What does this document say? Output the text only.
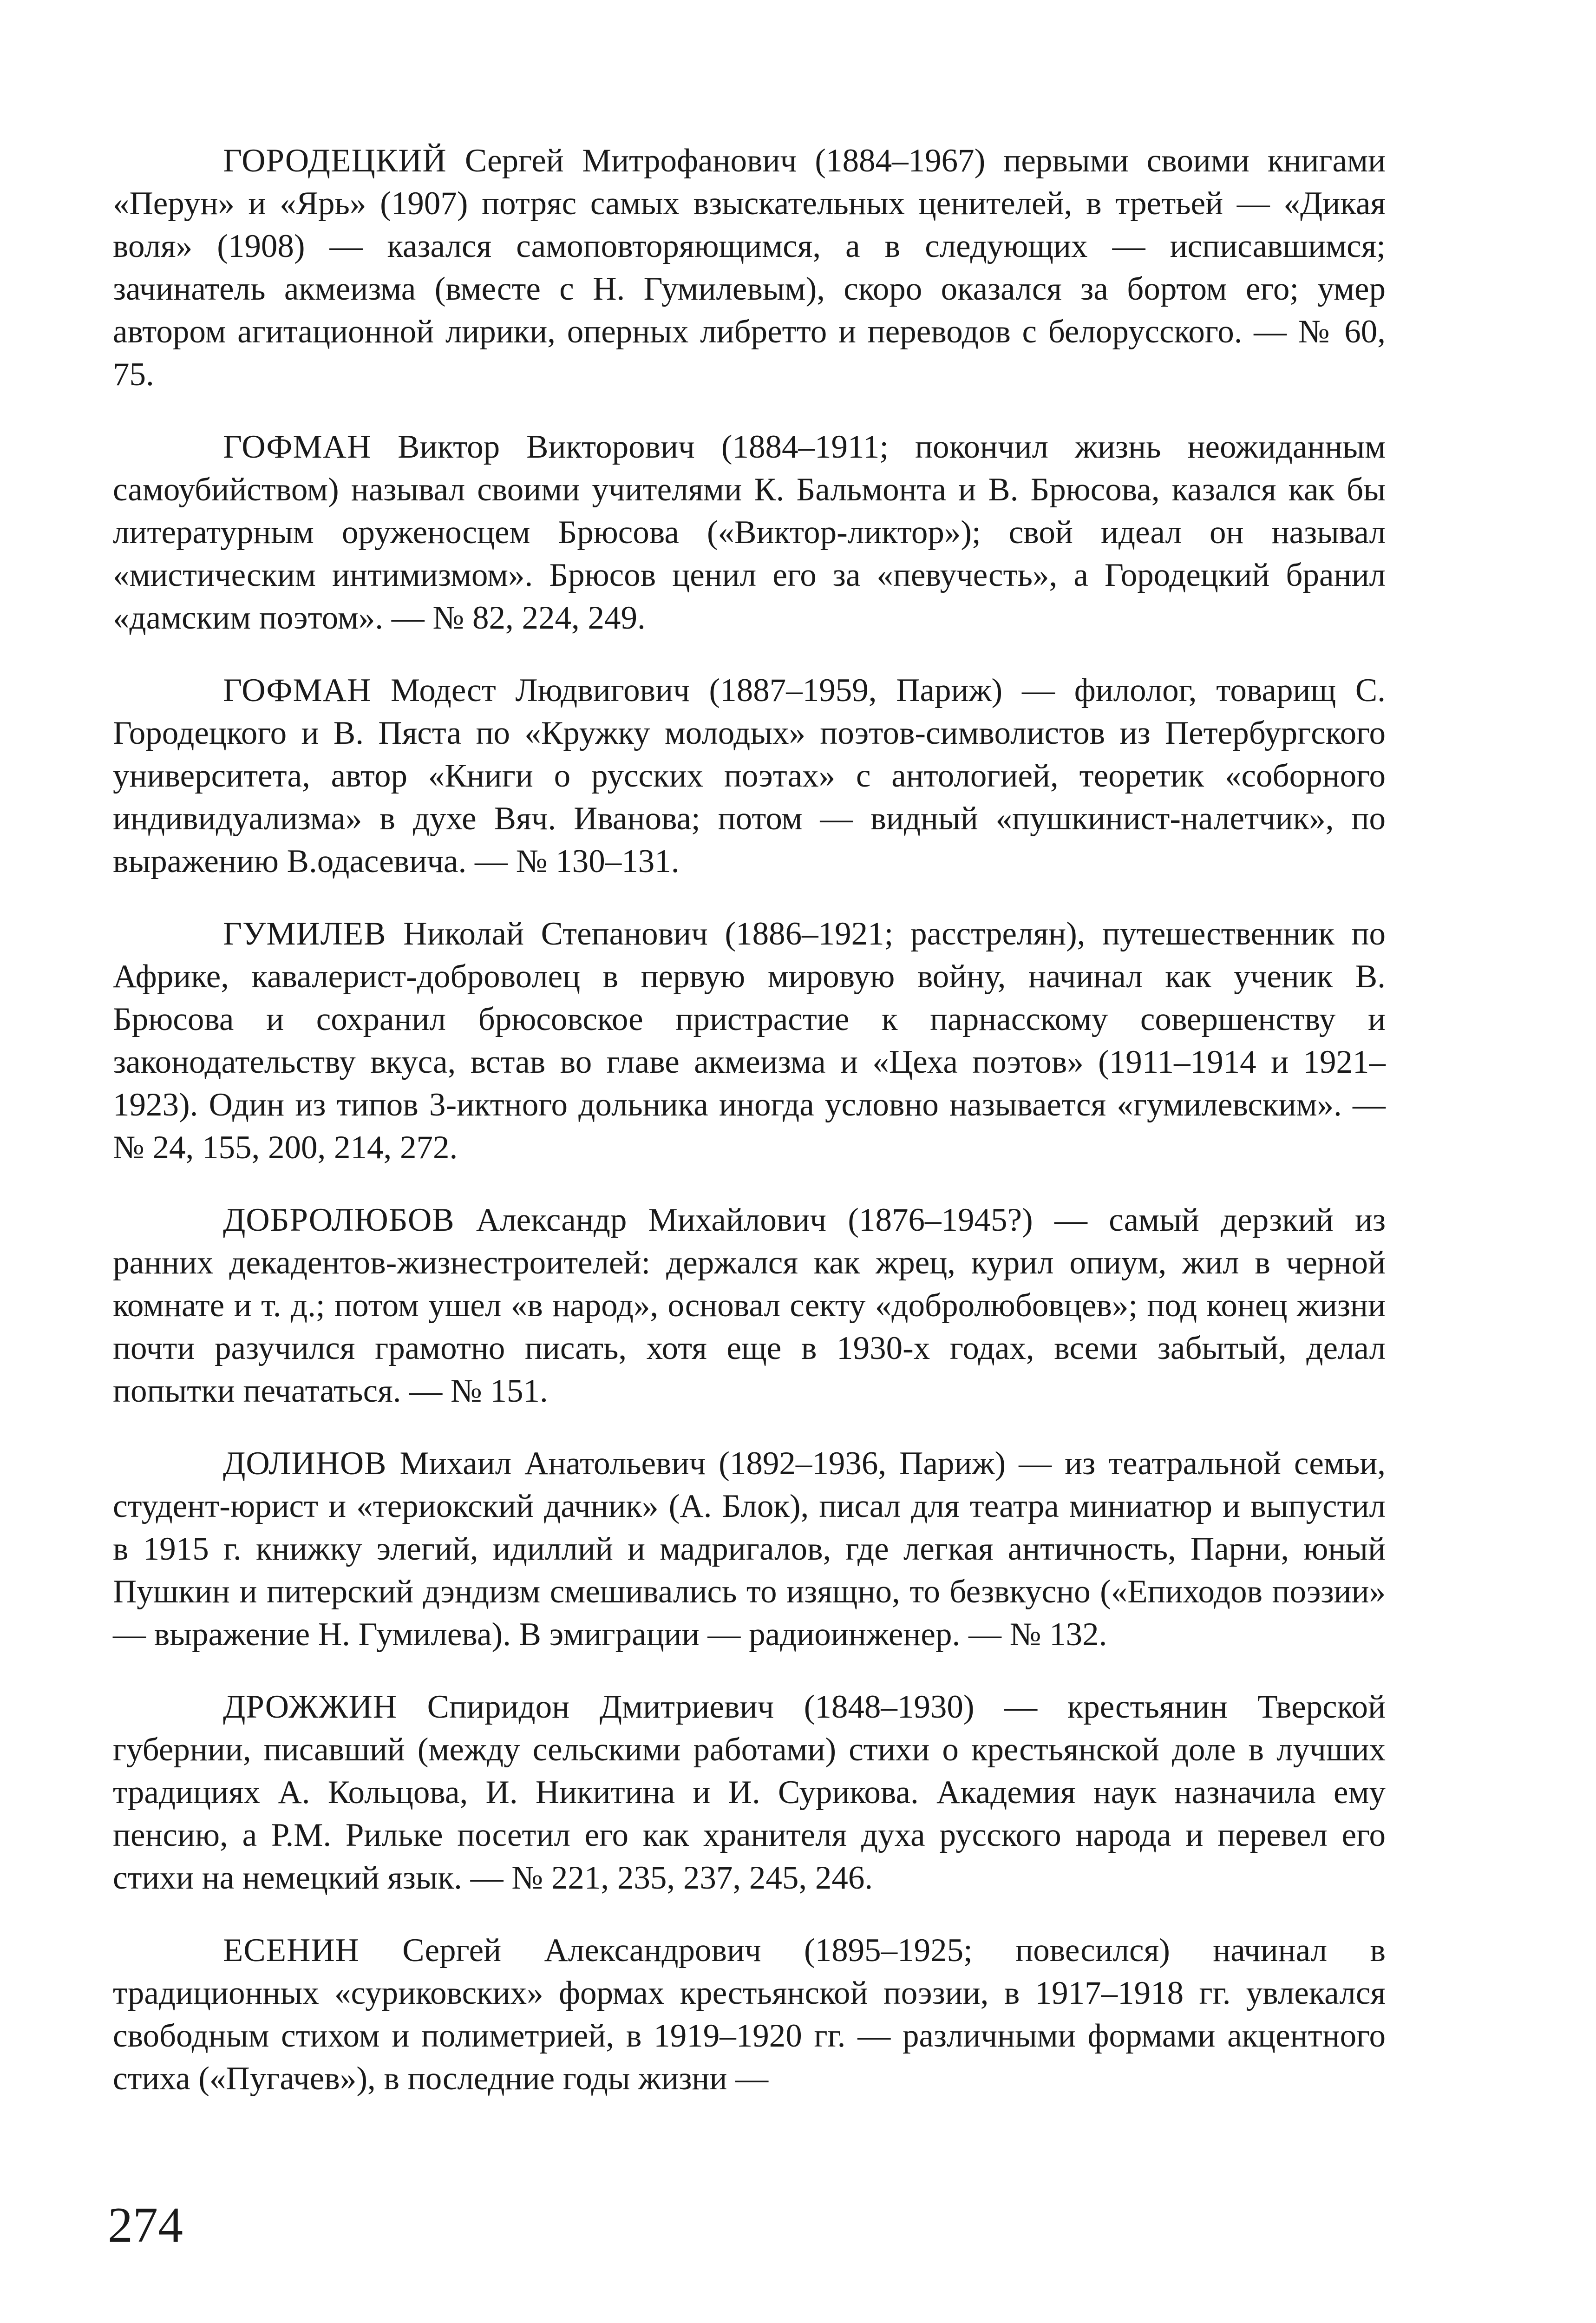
ГОРОДЕЦКИЙ Сергей Митрофанович (1884–1967) первыми своими книгами «Перун» и «Ярь» (1907) потряс самых взыскательных ценителей, в третьей — «Дикая воля» (1908) — казался самоповторяющимся, а в следующих — исписавшимся; зачинатель акмеизма (вместе с Н. Гумилевым), скоро оказался за бортом его; умер автором агитационной лирики, оперных либретто и переводов с белорусского. — № 60, 75.

ГОФМАН Виктор Викторович (1884–1911; покончил жизнь неожиданным самоубийством) называл своими учителями К. Бальмонта и В. Брюсова, казался как бы литературным оруженосцем Брюсова («Виктор-ликтор»); свой идеал он называл «мистическим интимизмом». Брюсов ценил его за «певучесть», а Городецкий бранил «дамским поэтом». — № 82, 224, 249.

ГОФМАН Модест Людвигович (1887–1959, Париж) — филолог, товарищ С. Городецкого и В. Пяста по «Кружку молодых» поэтов-символистов из Петербургского университета, автор «Книги о русских поэтах» с антологией, теоретик «соборного индивидуализма» в духе Вяч. Иванова; потом — видный «пушкинист-налетчик», по выражению В.одасевича. — № 130–131.

ГУМИЛЕВ Николай Степанович (1886–1921; расстрелян), путешественник по Африке, кавалерист-доброволец в первую мировую войну, начинал как ученик В. Брюсова и сохранил брюсовское пристрастие к парнасскому совершенству и законодательству вкуса, встав во главе акмеизма и «Цеха поэтов» (1911–1914 и 1921–1923). Один из типов 3-иктного дольника иногда условно называется «гумилевским». — № 24, 155, 200, 214, 272.

ДОБРОЛЮБОВ Александр Михайлович (1876–1945?) — самый дерзкий из ранних декадентов-жизнестроителей: держался как жрец, курил опиум, жил в черной комнате и т. д.; потом ушел «в народ», основал секту «добролюбовцев»; под конец жизни почти разучился грамотно писать, хотя еще в 1930-х годах, всеми забытый, делал попытки печататься. — № 151.

ДОЛИНОВ Михаил Анатольевич (1892–1936, Париж) — из театральной семьи, студент-юрист и «териокский дачник» (А. Блок), писал для театра миниатюр и выпустил в 1915 г. книжку элегий, идиллий и мадригалов, где легкая античность, Парни, юный Пушкин и питерский дэндизм смешивались то изящно, то безвкусно («Епиходов поэзии» — выражение Н. Гумилева). В эмиграции — радиоинженер. — № 132.

ДРОЖЖИН Спиридон Дмитриевич (1848–1930) — крестьянин Тверской губернии, писавший (между сельскими работами) стихи о крестьянской доле в лучших традициях А. Кольцова, И. Никитина и И. Сурикова. Академия наук назначила ему пенсию, а Р.М. Рильке посетил его как хранителя духа русского народа и перевел его стихи на немецкий язык. — № 221, 235, 237, 245, 246.

ЕСЕНИН Сергей Александрович (1895–1925; повесился) начинал в традиционных «суриковских» формах крестьянской поэзии, в 1917–1918 гг. увлекался свободным стихом и полиметрией, в 1919–1920 гг. — различными формами акцентного стиха («Пугачев»), в последние годы жизни —

274
